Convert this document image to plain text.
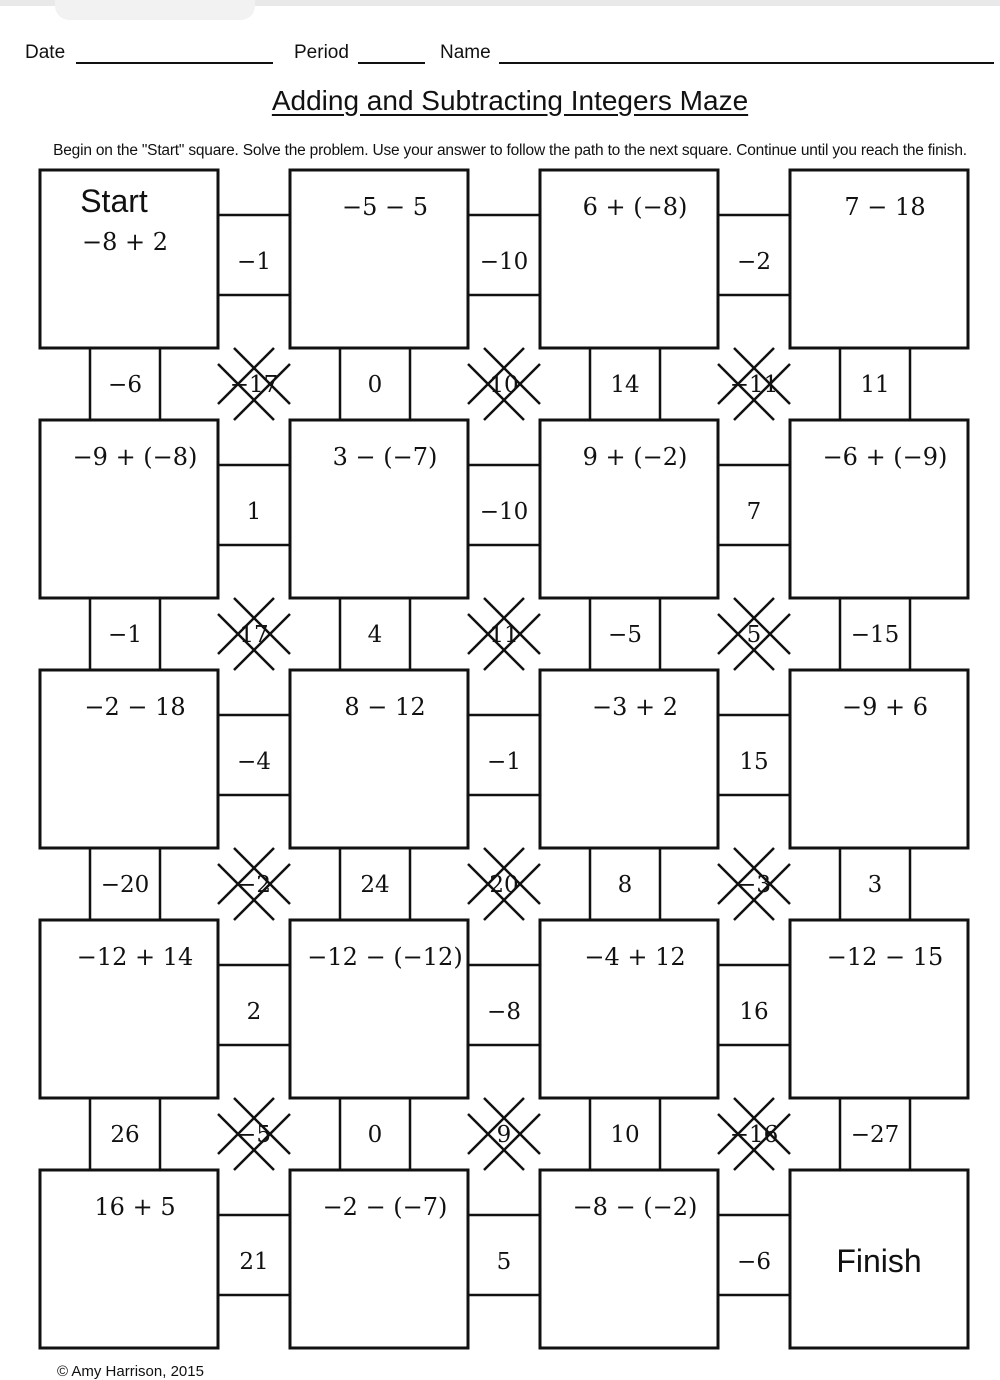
Date	Period	Name
Adding and Subtracting Integers Maze
Begin on the "Start" square. Solve the problem. Use your answer to follow the path to the next square. Continue until you reach the finish.
−1	−10	−2
1	−10	7
−4	−1	15
2	−8	16
21	5	−6
−6	0	14	11
−1	4	−5	−15
−20	24	8	3
26	0	10	−27
−17	10	−11
17	11	5
−2	20	−3
−5	9	−16
Start
−8 + 2
−5 − 5	6 + (−8)	7 − 18
−9 + (−8)	3 − (−7)	9 + (−2)	−6 + (−9)
−2 − 18	8 − 12	−3 + 2	−9 + 6
−12 + 14	−12 − (−12)	−4 + 12	−12 − 15
16 + 5	−2 − (−7)	−8 − (−2)
Finish
© Amy Harrison, 2015
